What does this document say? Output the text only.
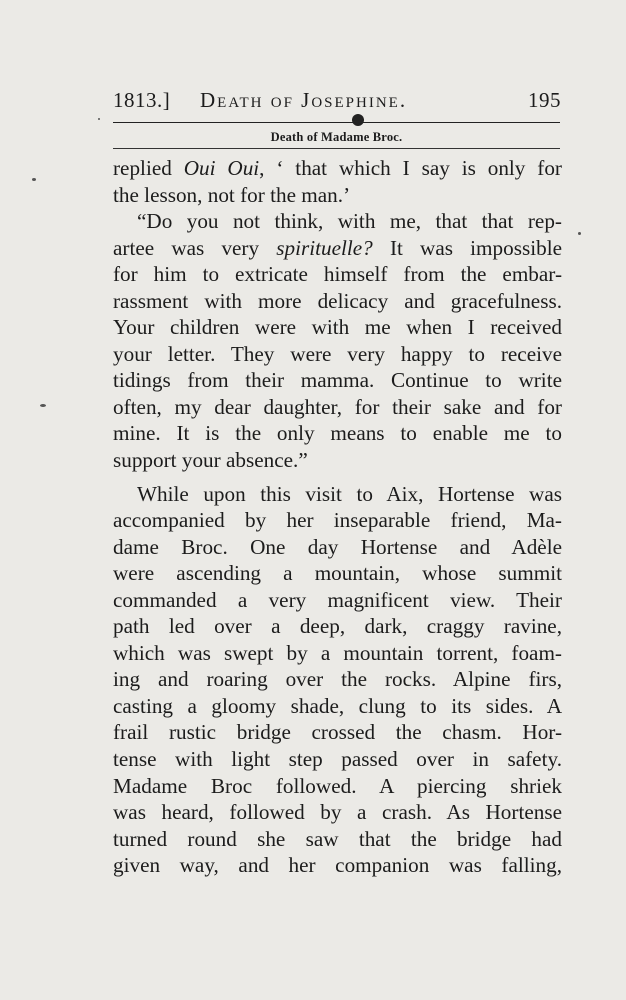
1813.] Death of Josephine.	195
Death of Madame Broc.
replied Oui Oui, ‘ that which I say is only for
the lesson, not for the man.’
“Do you not think, with me, that that rep-
artee was very spirituelle? It was impossible
for him to extricate himself from the embar-
rassment with more delicacy and gracefulness.
Your children were with me when I received
your letter. They were very happy to receive
tidings from their mamma. Continue to write
often, my dear daughter, for their sake and for
mine. It is the only means to enable me to
support your absence.”
While upon this visit to Aix, Hortense was
accompanied by her inseparable friend, Ma-
dame Broc. One day Hortense and Adèle
were ascending a mountain, whose summit
commanded a very magnificent view. Their
path led over a deep, dark, craggy ravine,
which was swept by a mountain torrent, foam-
ing and roaring over the rocks. Alpine firs,
casting a gloomy shade, clung to its sides. A
frail rustic bridge crossed the chasm. Hor-
tense with light step passed over in safety.
Madame Broc followed. A piercing shriek
was heard, followed by a crash. As Hortense
turned round she saw that the bridge had
given way, and her companion was falling,
